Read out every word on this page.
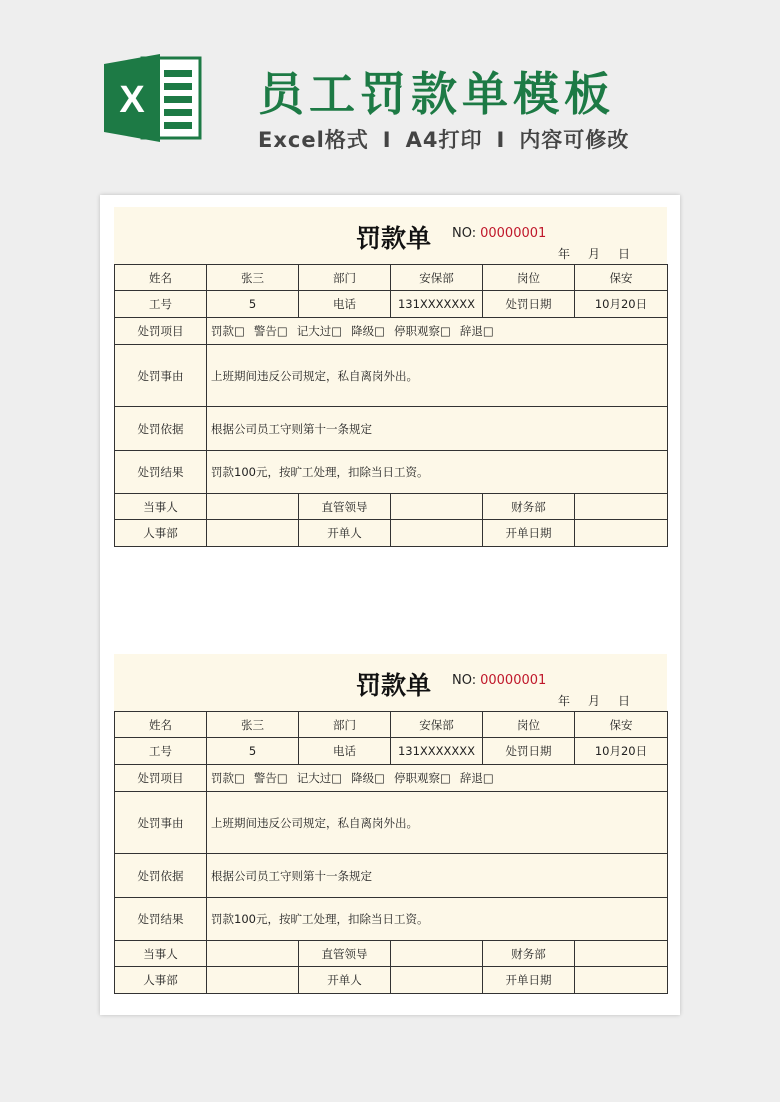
X 员工罚款单模板
Excel格式 I A4打印 I 内容可修改
罚款单 NO: 00000001
年 月 日
姓名	张三	部门	安保部	岗位	保安
工号	5	电话	131XXXXXXX	处罚日期	10月20日
处罚项目	罚款□ 警告□ 记大过□ 降级□ 停职观察□ 辞退□				
处罚事由	上班期间违反公司规定，私自离岗外出。				
处罚依据	根据公司员工守则第十一条规定				
处罚结果	罚款100元，按旷工处理，扣除当日工资。				
当事人		直管领导		财务部	
人事部		开单人		开单日期	
罚款单 NO: 00000001
年 月 日
姓名	张三	部门	安保部	岗位	保安
工号	5	电话	131XXXXXXX	处罚日期	10月20日
处罚项目	罚款□ 警告□ 记大过□ 降级□ 停职观察□ 辞退□				
处罚事由	上班期间违反公司规定，私自离岗外出。				
处罚依据	根据公司员工守则第十一条规定				
处罚结果	罚款100元，按旷工处理，扣除当日工资。				
当事人		直管领导		财务部	
人事部		开单人		开单日期	
